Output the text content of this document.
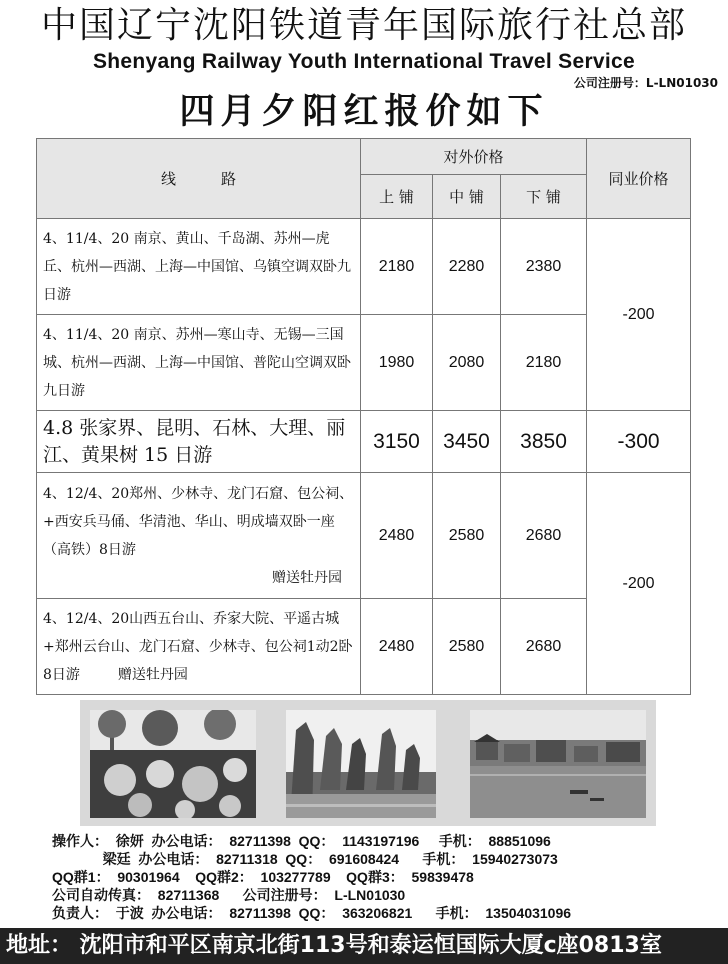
中国辽宁沈阳铁道青年国际旅行社总部
Shenyang Railway Youth International Travel Service
公司注册号：L-LN01030
四月夕阳红报价如下
线　　　路	对外价格			同业价格
	上 铺	中 铺	下 铺	
4、11/4、20 南京、黄山、千岛湖、苏州—虎丘、杭州—西湖、上海—中国馆、乌镇空调双卧九日游	2180	2280	2380	-200
4、11/4、20 南京、苏州—寒山寺、无锡—三国城、杭州—西湖、上海—中国馆、普陀山空调双卧九日游	1980	2080	2180	
4.8 张家界、昆明、石林、大理、丽江、黄果树 15 日游	3150	3450	3850	-300
4、12/4、20郑州、少林寺、龙门石窟、包公祠、+西安兵马俑、华清池、华山、明成墙双卧一座（高铁）8日游
赠送牡丹园	2480	2580	2680	-200
4、12/4、20山西五台山、乔家大院、平遥古城+郑州云台山、龙门石窟、少林寺、包公祠1动2卧8日游 赠送牡丹园	2480	2580	2680	
操作人：  徐妍  办公电话：  82711398  QQ：  1143197196     手机：  88851096
梁廷  办公电话：  82711318  QQ：  691608424      手机：  15940273073
QQ群1：  90301964    QQ群2：  103277789    QQ群3：  59839478
公司自动传真：  82711368      公司注册号：  L-LN01030
负责人：  于波  办公电话：  82711398  QQ：  363206821      手机：  13504031096
地址： 沈阳市和平区南京北街113号和泰运恒国际大厦c座0813室
